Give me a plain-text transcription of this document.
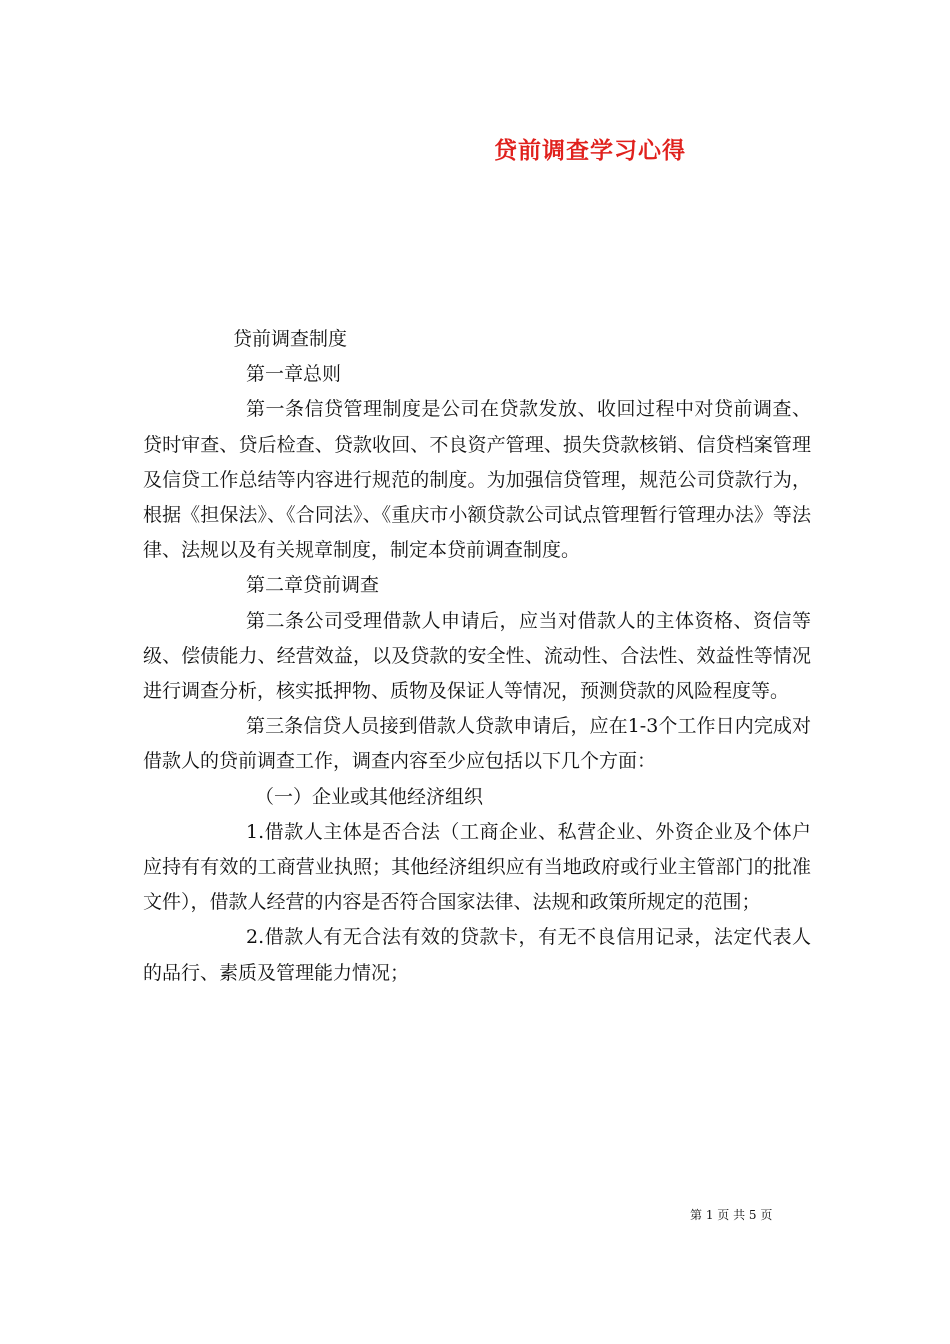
贷前调查学习心得

贷前调查制度

第一章总则

第一条信贷管理制度是公司在贷款发放、收回过程中对贷前调查、贷时审查、贷后检查、贷款收回、不良资产管理、损失贷款核销、信贷档案管理及信贷工作总结等内容进行规范的制度。为加强信贷管理，规范公司贷款行为，根据《担保法》、《合同法》、《重庆市小额贷款公司试点管理暂行管理办法》等法律、法规以及有关规章制度，制定本贷前调查制度。

第二章贷前调查

第二条公司受理借款人申请后，应当对借款人的主体资格、资信等级、偿债能力、经营效益，以及贷款的安全性、流动性、合法性、效益性等情况进行调查分析，核实抵押物、质物及保证人等情况，预测贷款的风险程度等。

第三条信贷人员接到借款人贷款申请后，应在1-3个工作日内完成对借款人的贷前调查工作，调查内容至少应包括以下几个方面：

（一）企业或其他经济组织

1.借款人主体是否合法（工商企业、私营企业、外资企业及个体户应持有有效的工商营业执照；其他经济组织应有当地政府或行业主管部门的批准文件），借款人经营的内容是否符合国家法律、法规和政策所规定的范围；

2.借款人有无合法有效的贷款卡，有无不良信用记录，法定代表人的品行、素质及管理能力情况；

第 1 页 共 5 页
